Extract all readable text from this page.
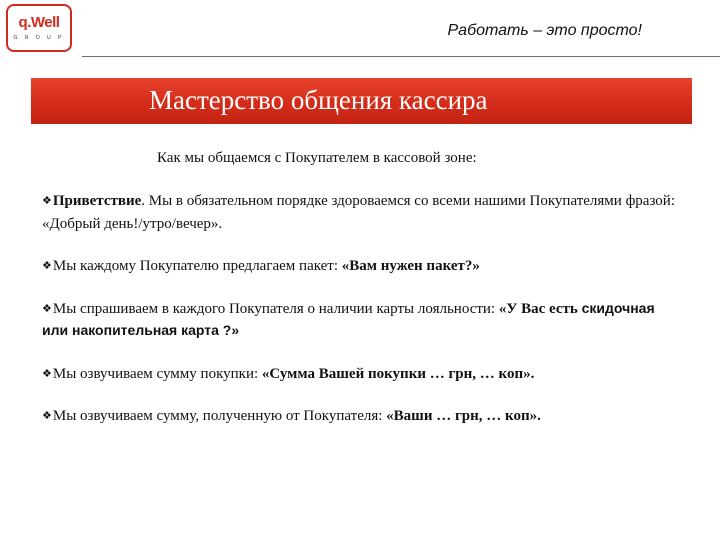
q.Well
G R O U P	Работать – это просто!
Мастерство общения кассира
Как мы общаемся с Покупателем в кассовой зоне:

❖Приветствие. Мы в обязательном порядке здороваемся со всеми нашими Покупателями фразой: «Добрый день!/утро/вечер».

❖Мы каждому Покупателю предлагаем пакет: «Вам нужен пакет?»

❖Мы спрашиваем в каждого Покупателя о наличии карты лояльности: «У Вас есть скидочная или накопительная карта ?»

❖Мы озвучиваем сумму покупки: «Сумма Вашей покупки … грн, … коп».

❖Мы озвучиваем сумму, полученную от Покупателя: «Ваши … грн, … коп».
